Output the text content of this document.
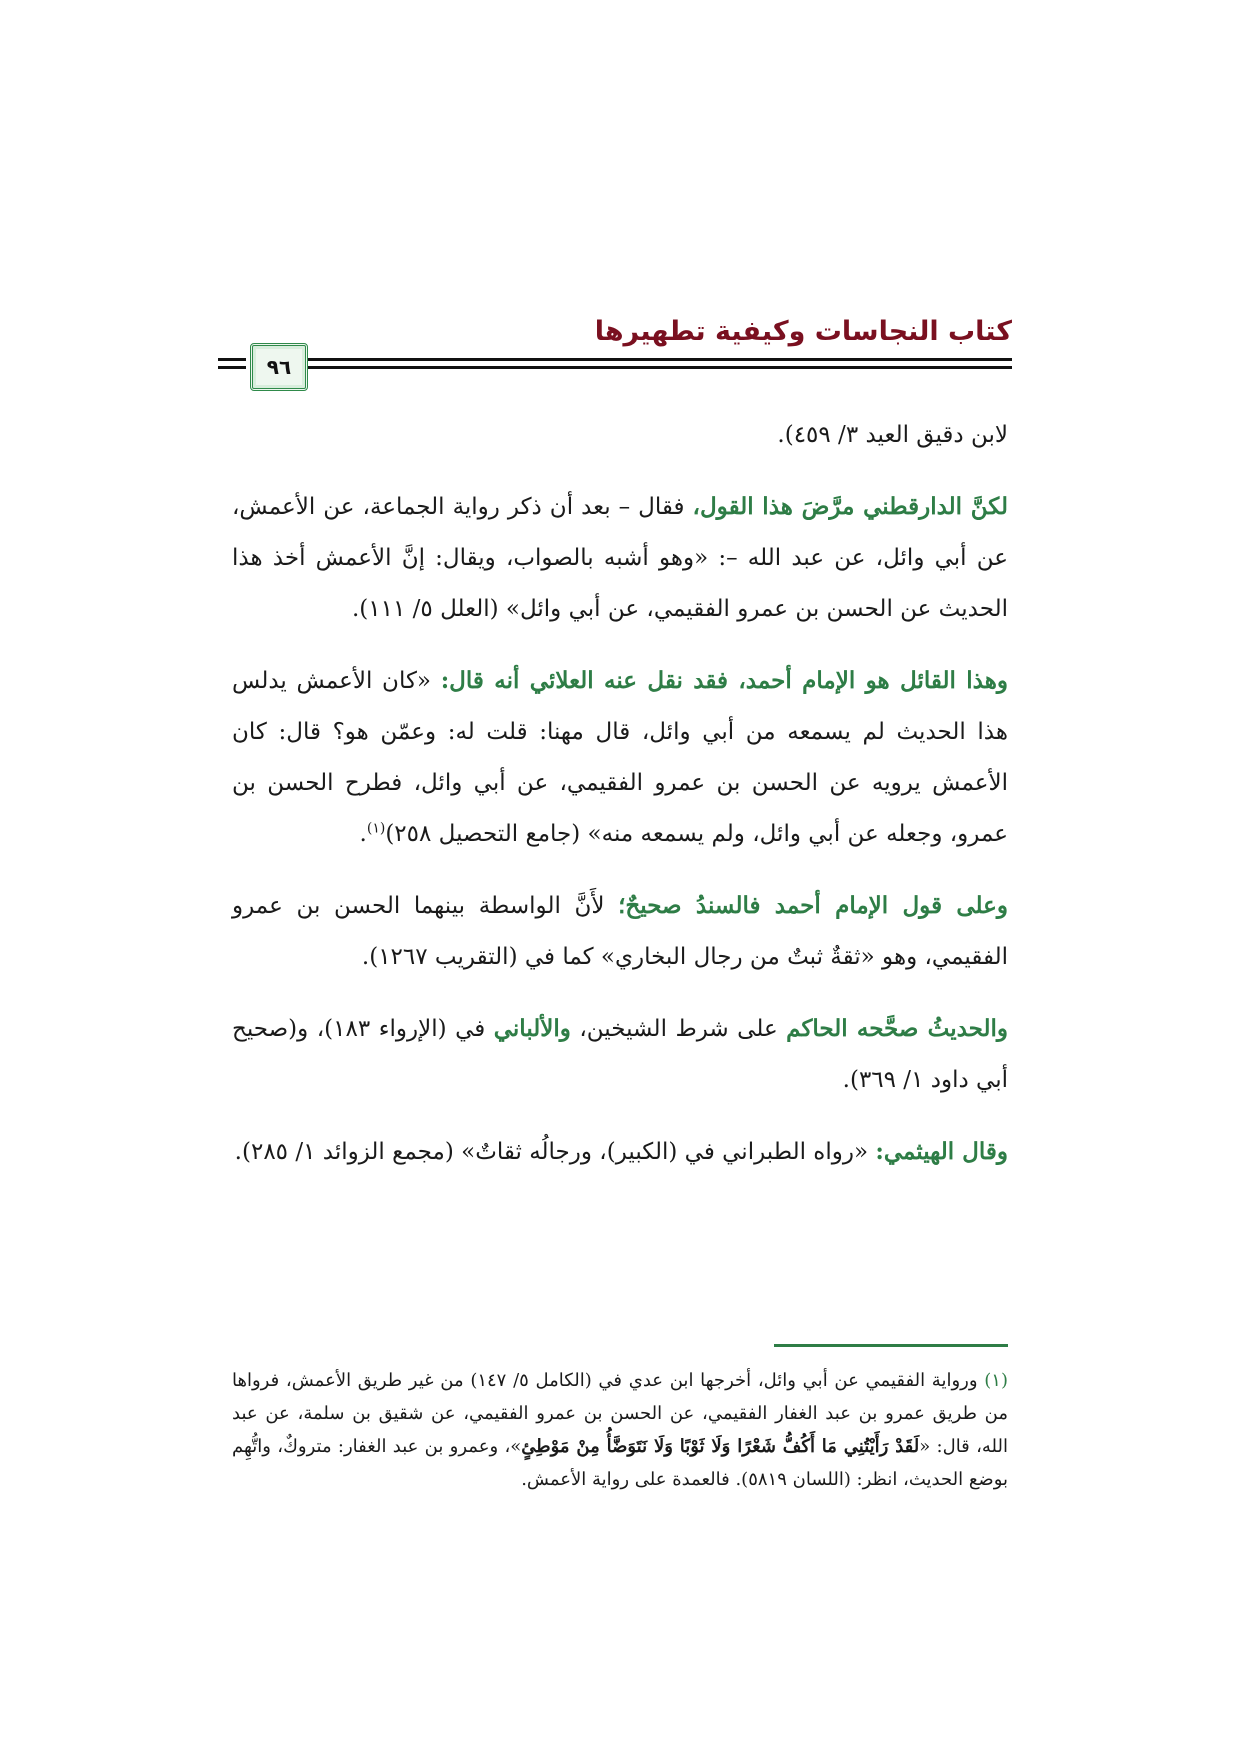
كتاب النجاسات وكيفية تطهيرها
٩٦

لابن دقيق العيد ٣/ ٤٥٩).

لكنَّ الدارقطني مرَّضَ هذا القول، فقال – بعد أن ذكر رواية الجماعة، عن الأعمش، عن أبي وائل، عن عبد الله –: «وهو أشبه بالصواب، ويقال: إنَّ الأعمش أخذ هذا الحديث عن الحسن بن عمرو الفقيمي، عن أبي وائل» (العلل ٥/ ١١١).

وهذا القائل هو الإمام أحمد، فقد نقل عنه العلائي أنه قال: «كان الأعمش يدلس هذا الحديث لم يسمعه من أبي وائل، قال مهنا: قلت له: وعمّن هو؟ قال: كان الأعمش يرويه عن الحسن بن عمرو الفقيمي، عن أبي وائل، فطرح الحسن بن عمرو، وجعله عن أبي وائل، ولم يسمعه منه» (جامع التحصيل ٢٥٨)$^{(١)}$.

وعلى قول الإمام أحمد فالسندُ صحيحٌ؛ لأَنَّ الواسطة بينهما الحسن بن عمرو الفقيمي، وهو «ثقةٌ ثبتٌ من رجال البخاري» كما في (التقريب ١٢٦٧).

والحديثُ صحَّحه الحاكم على شرط الشيخين، والألباني في (الإرواء ١٨٣)، و(صحيح أبي داود ١/ ٣٦٩).

وقال الهيثمي: «رواه الطبراني في (الكبير)، ورجالُه ثقاتٌ» (مجمع الزوائد ١/ ٢٨٥).

(١) ورواية الفقيمي عن أبي وائل، أخرجها ابن عدي في (الكامل ٥/ ١٤٧) من غير طريق الأعمش، فرواها من طريق عمرو بن عبد الغفار الفقيمي، عن الحسن بن عمرو الفقيمي، عن شقيق بن سلمة، عن عبد الله، قال: «لَقَدْ رَأَيْتُنِي مَا أَكُفُّ شَعْرًا وَلَا ثَوْبًا وَلَا نَتَوَضَّأُ مِنْ مَوْطِئٍ»، وعمرو بن عبد الغفار: متروكٌ، واتُّهِم بوضع الحديث، انظر: (اللسان ٥٨١٩). فالعمدة على رواية الأعمش.
